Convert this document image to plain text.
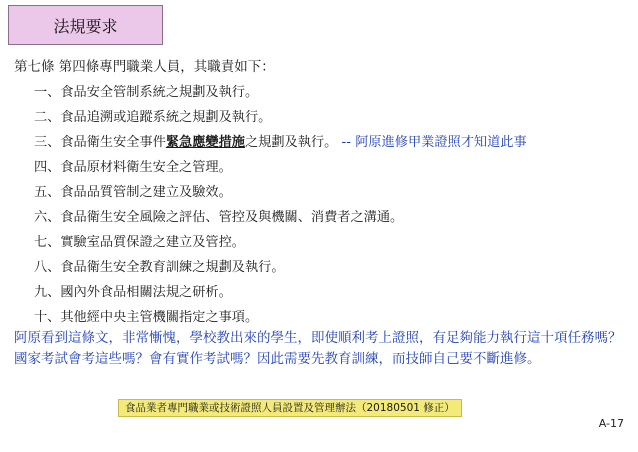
法規要求

第七條 第四條專門職業人員，其職責如下：

一、食品安全管制系統之規劃及執行。
二、食品追溯或追蹤系統之規劃及執行。
三、食品衛生安全事件緊急應變措施之規劃及執行。 -- 阿原進修甲業證照才知道此事
四、食品原材料衛生安全之管理。
五、食品品質管制之建立及驗效。
六、食品衛生安全風險之評估、管控及與機關、消費者之溝通。
七、實驗室品質保證之建立及管控。
八、食品衛生安全教育訓練之規劃及執行。
九、國內外食品相關法規之研析。
十、其他經中央主管機關指定之事項。
阿原看到這條文，非常慚愧，學校教出來的學生，即使順利考上證照，有足夠能力執行這十項任務嗎？國家考試會考這些嗎？會有實作考試嗎？因此需要先教育訓練，而技師自己要不斷進修。
食品業者專門職業或技術證照人員設置及管理辦法（20180501 修正）
A-17
